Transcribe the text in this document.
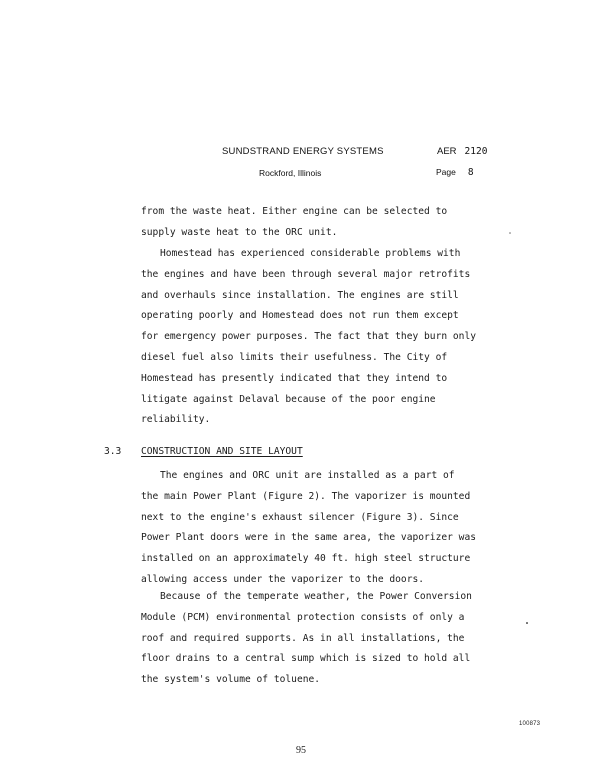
SUNDSTRAND ENERGY SYSTEMS	AER 2120
Rockford, Illinois	Page 8
from the waste heat. Either engine can be selected to
supply waste heat to the ORC unit.
Homestead has experienced considerable problems with
the engines and have been through several major retrofits
and overhauls since installation. The engines are still
operating poorly and Homestead does not run them except
for emergency power purposes. The fact that they burn only
diesel fuel also limits their usefulness. The City of
Homestead has presently indicated that they intend to
litigate against Delaval because of the poor engine
reliability.
3.3 CONSTRUCTION AND SITE LAYOUT
The engines and ORC unit are installed as a part of
the main Power Plant (Figure 2). The vaporizer is mounted
next to the engine's exhaust silencer (Figure 3). Since
Power Plant doors were in the same area, the vaporizer was
installed on an approximately 40 ft. high steel structure
allowing access under the vaporizer to the doors.
Because of the temperate weather, the Power Conversion
Module (PCM) environmental protection consists of only a
roof and required supports. As in all installations, the
floor drains to a central sump which is sized to hold all
the system's volume of toluene.
100873
95
